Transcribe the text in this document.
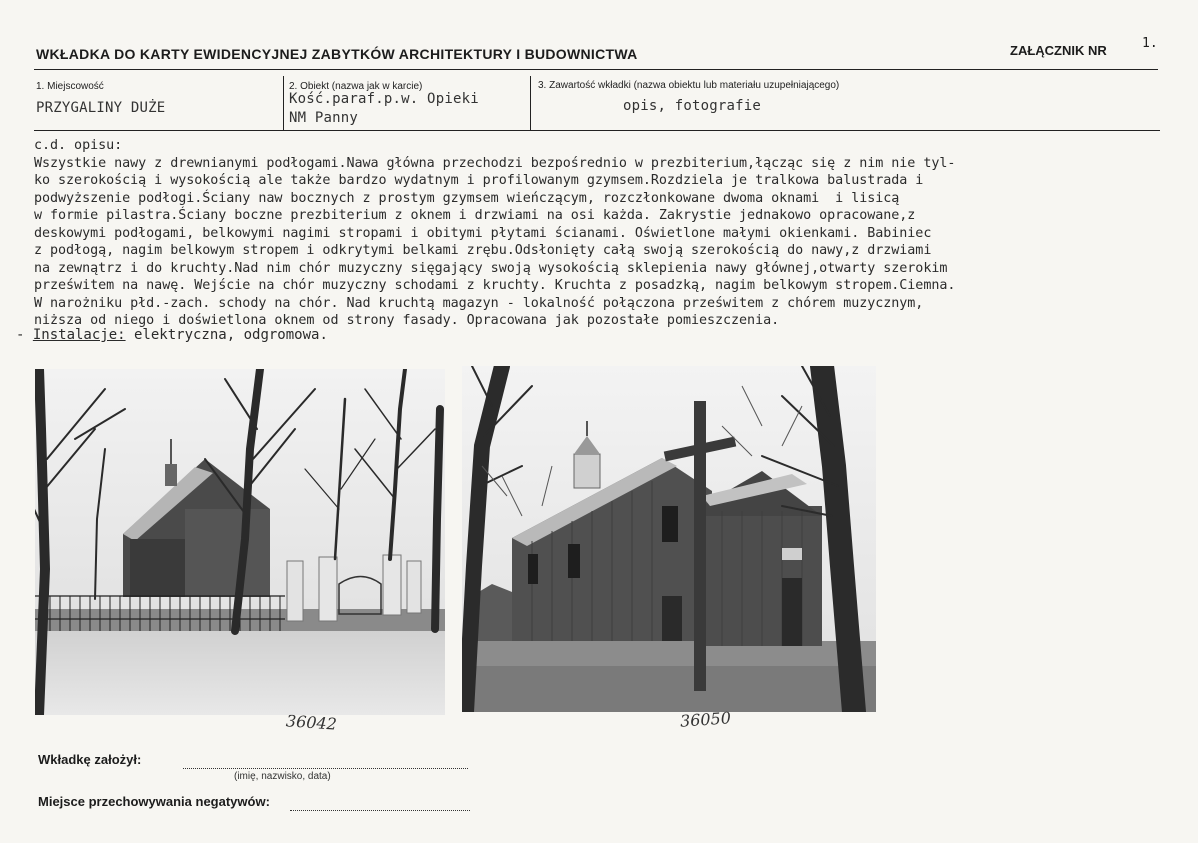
WKŁADKA DO KARTY EWIDENCYJNEJ ZABYTKÓW ARCHITEKTURY I BUDOWNICTWA	ZAŁĄCZNIK NR	1.
1. Miejscowość
PRZYGALINY DUŻE
2. Obiekt (nazwa jak w karcie)
Kość.paraf.p.w. Opieki
NM Panny
3. Zawartość wkładki (nazwa obiektu lub materiału uzupełniającego)
opis, fotografie
c.d. opisu:
Wszystkie nawy z drewnianymi podłogami.Nawa główna przechodzi bezpośrednio w prezbiterium,łącząc się z nim nie tyl-
ko szerokością i wysokością ale także bardzo wydatnym i profilowanym gzymsem.Rozdziela je tralkowa balustrada i
podwyższenie podłogi.Ściany naw bocznych z prostym gzymsem wieńczącym, rozczłonkowane dwoma oknami  i lisicą
w formie pilastra.Ściany boczne prezbiterium z oknem i drzwiami na osi każda. Zakrystie jednakowo opracowane,z
deskowymi podłogami, belkowymi nagimi stropami i obitymi płytami ścianami. Oświetlone małymi okienkami. Babiniec
z podłogą, nagim belkowym stropem i odkrytymi belkami zrębu.Odsłonięty całą swoją szerokością do nawy,z drzwiami
na zewnątrz i do kruchty.Nad nim chór muzyczny sięgający swoją wysokością sklepienia nawy głównej,otwarty szerokim
prześwitem na nawę. Wejście na chór muzyczny schodami z kruchty. Kruchta z posadzką, nagim belkowym stropem.Ciemna.
W narożniku płd.-zach. schody na chór. Nad kruchtą magazyn - lokalność połączona prześwitem z chórem muzycznym,
niższa od niego i doświetlona oknem od strony fasady. Opracowana jak pozostałe pomieszczenia.
- Instalacje: elektryczna, odgromowa.
36042	36050
Wkładkę założył:
(imię, nazwisko, data)
Miejsce przechowywania negatywów:
